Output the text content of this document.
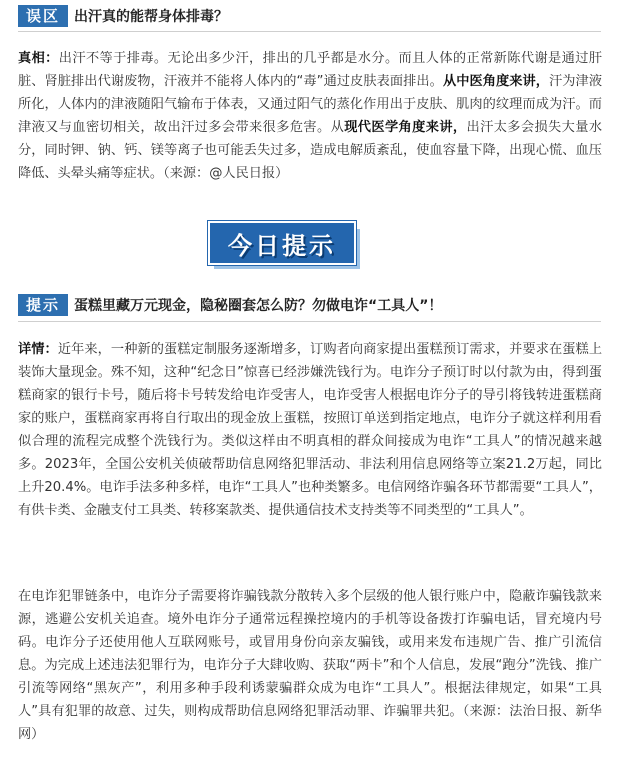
误区	出汗真的能帮身体排毒？

真相：出汗不等于排毒。无论出多少汗，排出的几乎都是水分。而且人体的正常新陈代谢是通过肝脏、肾脏排出代谢废物，汗液并不能将人体内的“毒”通过皮肤表面排出。从中医角度来讲，汗为津液所化，人体内的津液随阳气输布于体表，又通过阳气的蒸化作用出于皮肤、肌肉的纹理而成为汗。而津液又与血密切相关，故出汗过多会带来很多危害。从现代医学角度来讲，出汗太多会损失大量水分，同时钾、钠、钙、镁等离子也可能丢失过多，造成电解质紊乱，使血容量下降，出现心慌、血压降低、头晕头痛等症状。（来源：@人民日报）

今日提示
提示	蛋糕里藏万元现金，隐秘圈套怎么防？勿做电诈“工具人”！

详情：近年来，一种新的蛋糕定制服务逐渐增多，订购者向商家提出蛋糕预订需求，并要求在蛋糕上装饰大量现金。殊不知，这种“纪念日”惊喜已经涉嫌洗钱行为。电诈分子预订时以付款为由，得到蛋糕商家的银行卡号，随后将卡号转发给电诈受害人，电诈受害人根据电诈分子的导引将钱转进蛋糕商家的账户，蛋糕商家再将自行取出的现金放上蛋糕，按照订单送到指定地点，电诈分子就这样利用看似合理的流程完成整个洗钱行为。类似这样由不明真相的群众间接成为电诈“工具人”的情况越来越多。2023年，全国公安机关侦破帮助信息网络犯罪活动、非法利用信息网络等立案21.2万起，同比上升20.4%。电诈手法多种多样，电诈“工具人”也种类繁多。电信网络诈骗各环节都需要“工具人”，有供卡类、金融支付工具类、转移案款类、提供通信技术支持类等不同类型的“工具人”。

在电诈犯罪链条中，电诈分子需要将诈骗钱款分散转入多个层级的他人银行账户中，隐蔽诈骗钱款来源，逃避公安机关追查。境外电诈分子通常远程操控境内的手机等设备拨打诈骗电话，冒充境内号码。电诈分子还使用他人互联网账号，或冒用身份向亲友骗钱，或用来发布违规广告、推广引流信息。为完成上述违法犯罪行为，电诈分子大肆收购、获取“两卡”和个人信息，发展“跑分”洗钱、推广引流等网络“黑灰产”，利用多种手段利诱蒙骗群众成为电诈“工具人”。根据法律规定，如果“工具人”具有犯罪的故意、过失，则构成帮助信息网络犯罪活动罪、诈骗罪共犯。（来源：法治日报、新华网）
